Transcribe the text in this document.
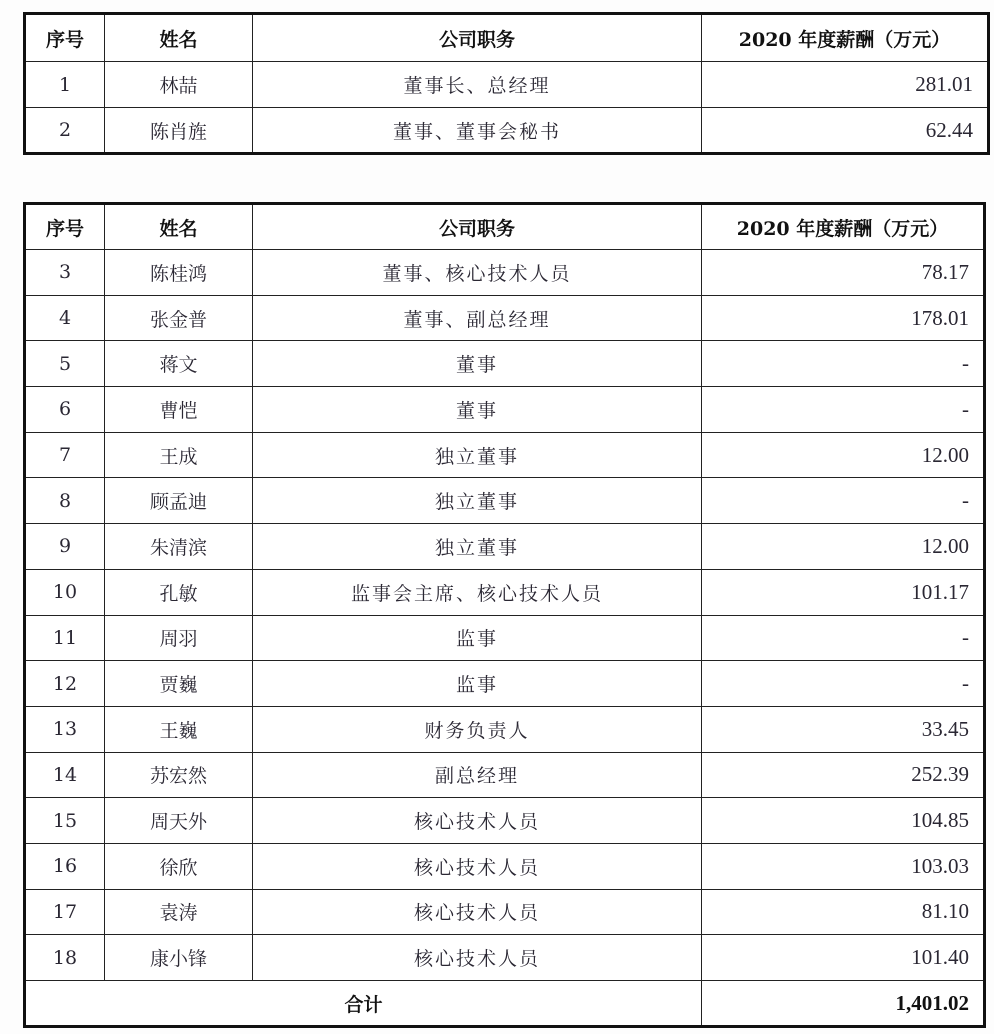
序号	姓名	公司职务	2020 年度薪酬（万元）
1	林喆	董事长、总经理	281.01
2	陈肖旌	董事、董事会秘书	62.44
序号	姓名	公司职务	2020 年度薪酬（万元）
3	陈桂鸿	董事、核心技术人员	78.17
4	张金普	董事、副总经理	178.01
5	蒋文	董事	-
6	曹恺	董事	-
7	王成	独立董事	12.00
8	顾孟迪	独立董事	-
9	朱清滨	独立董事	12.00
10	孔敏	监事会主席、核心技术人员	101.17
11	周羽	监事	-
12	贾巍	监事	-
13	王巍	财务负责人	33.45
14	苏宏然	副总经理	252.39
15	周天外	核心技术人员	104.85
16	徐欣	核心技术人员	103.03
17	袁涛	核心技术人员	81.10
18	康小锋	核心技术人员	101.40
合计			1,401.02
